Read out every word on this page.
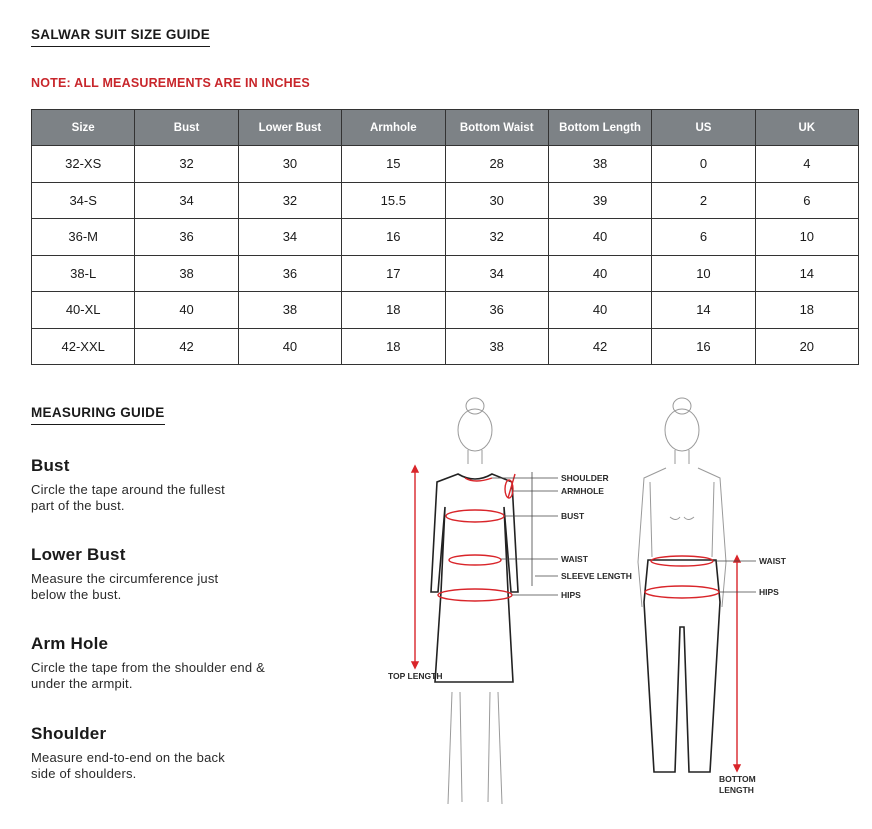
SALWAR SUIT SIZE GUIDE
NOTE: ALL MEASUREMENTS ARE IN INCHES
Size	Bust	Lower Bust	Armhole	Bottom Waist	Bottom Length	US	UK
32-XS	32	30	15	28	38	0	4
34-S	34	32	15.5	30	39	2	6
36-M	36	34	16	32	40	6	10
38-L	38	36	17	34	40	10	14
40-XL	40	38	18	36	40	14	18
42-XXL	42	40	18	38	42	16	20
MEASURING GUIDE
Bust

Circle the tape around the fullest part of the bust.

Lower Bust

Measure the circumference just below the bust.

Arm Hole

Circle the tape from the shoulder end & under the armpit.

Shoulder

Measure end-to-end on the back side of shoulders.

SHOULDER
ARMHOLE
BUST
WAIST
SLEEVE LENGTH
HIPS
TOP LENGTH
WAIST
HIPS
BOTTOM
LENGTH
